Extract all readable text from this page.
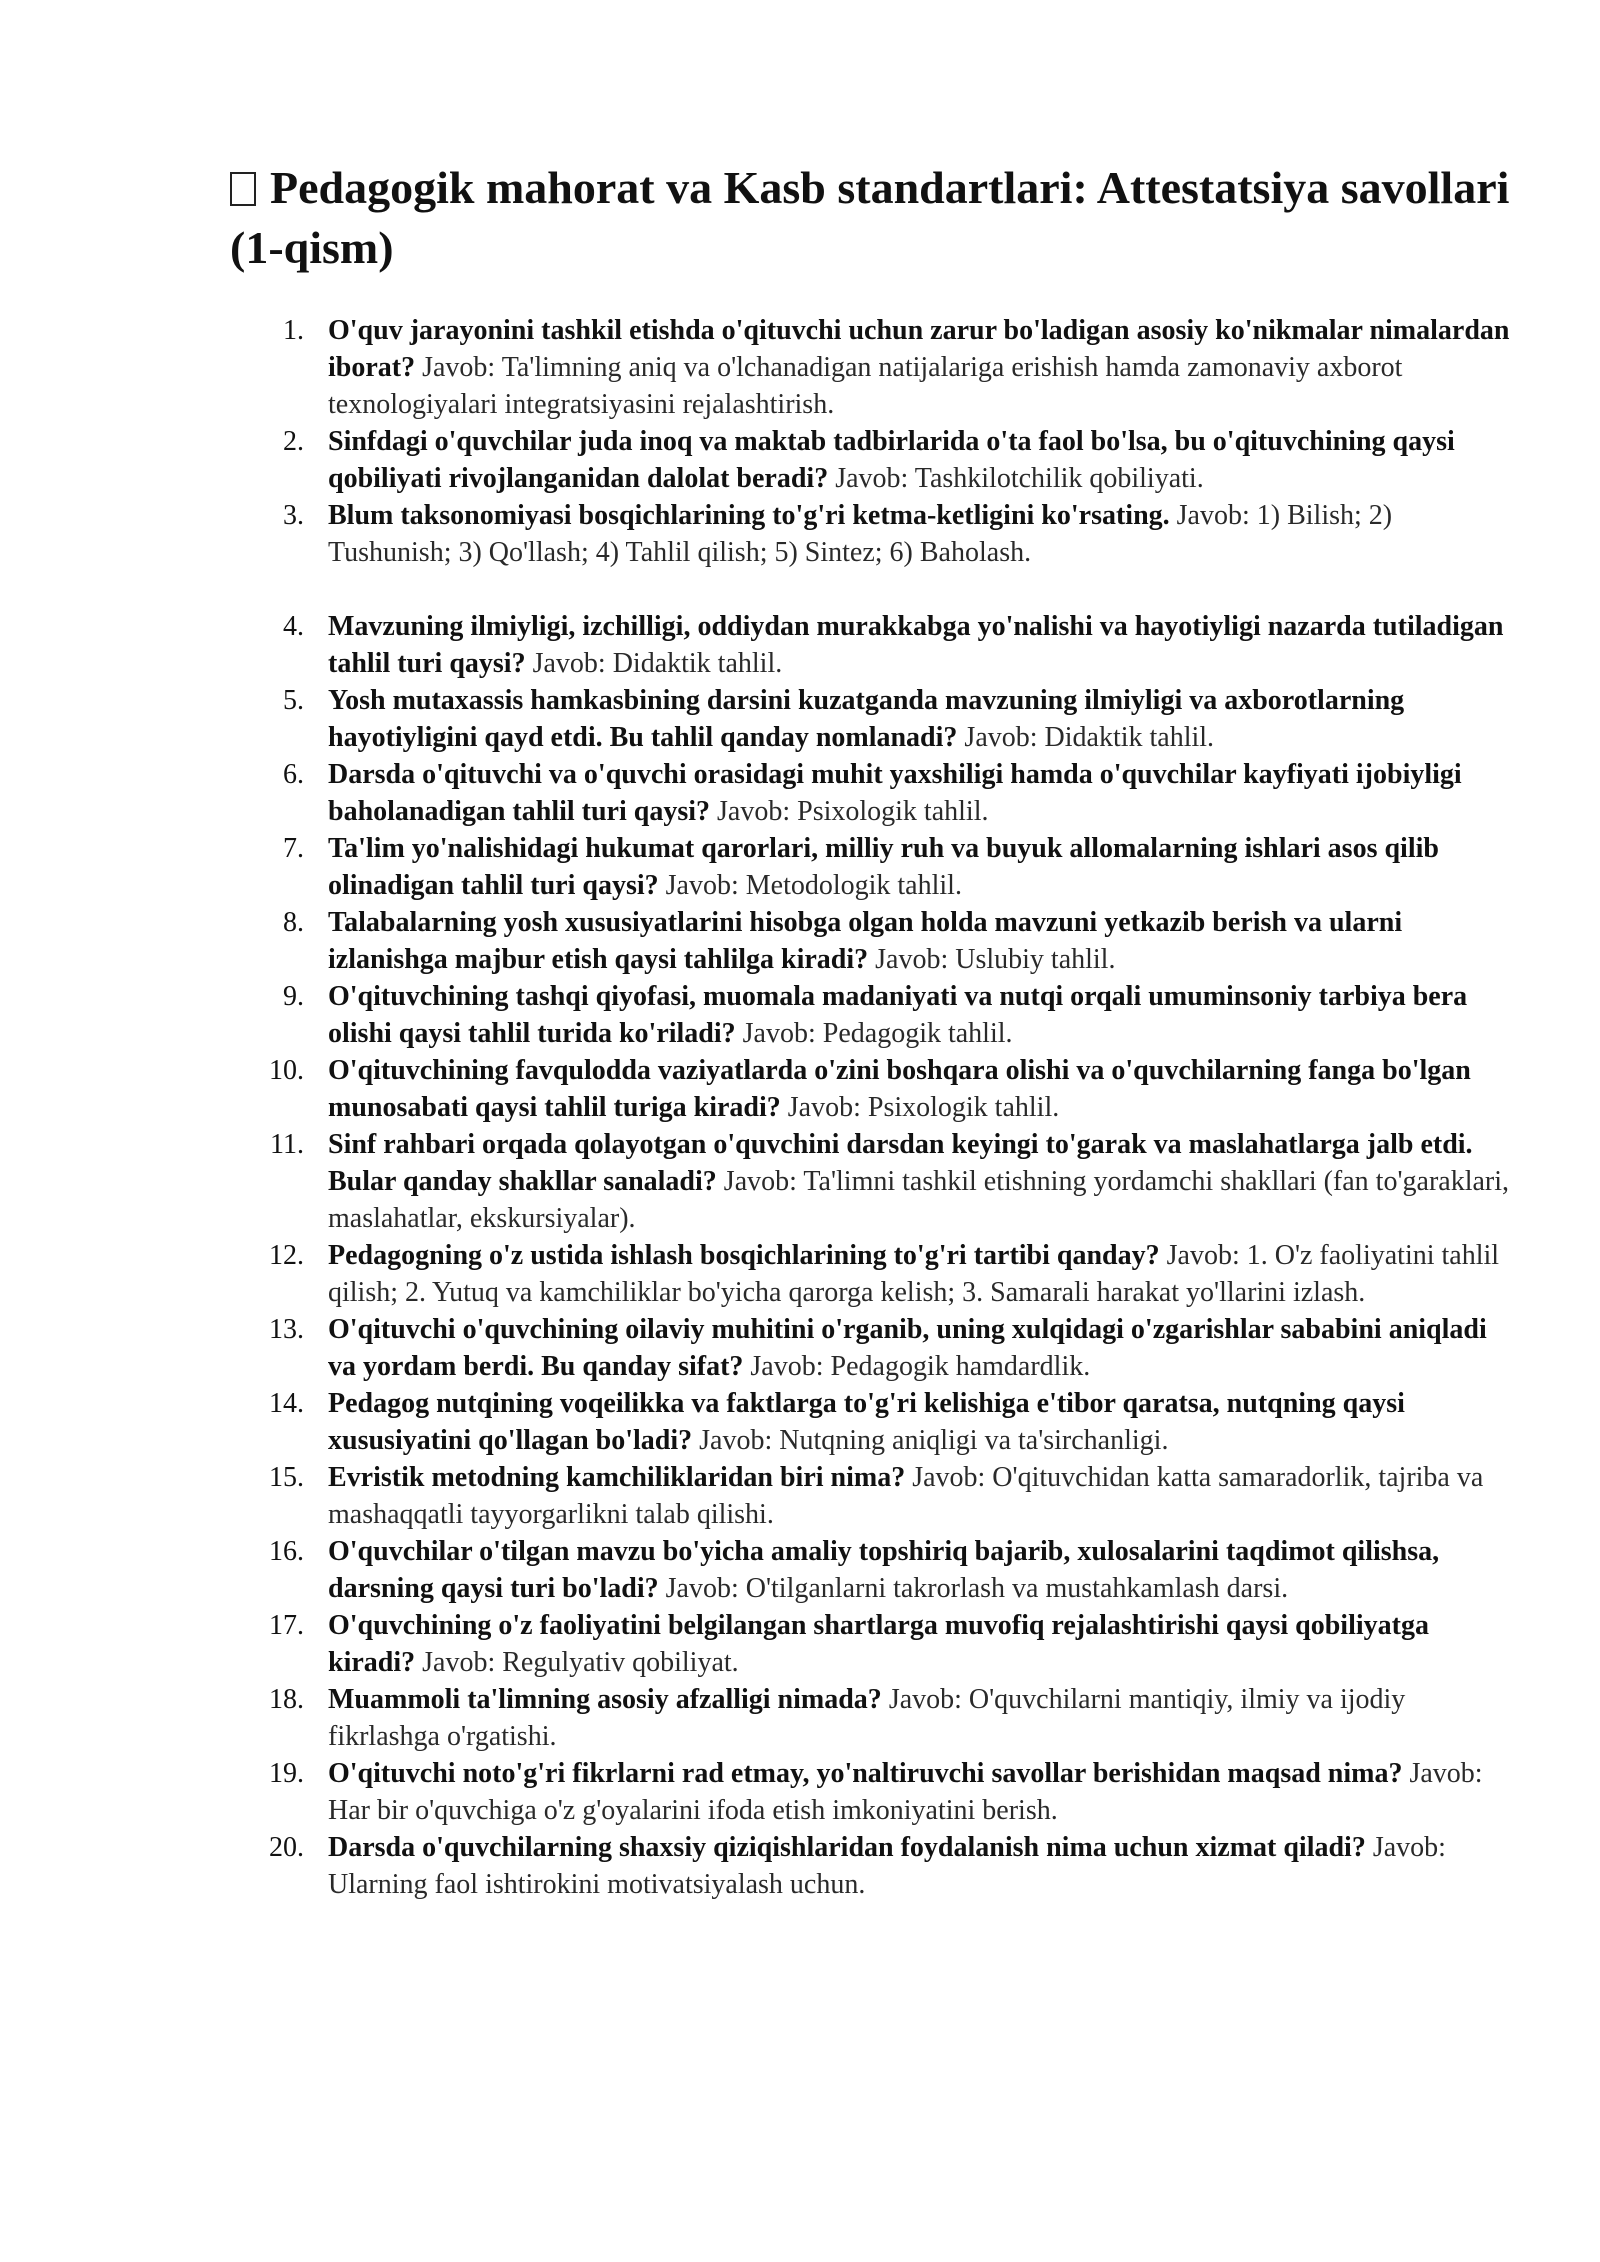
Pedagogik mahorat va Kasb standartlari: Attestatsiya savollari (1-qism)
1. O'quv jarayonini tashkil etishda o'qituvchi uchun zarur bo'ladigan asosiy ko'nikmalar nimalardan iborat? Javob: Ta'limning aniq va o'lchanadigan natijalariga erishish hamda zamonaviy axborot texnologiyalari integratsiyasini rejalashtirish.
2. Sinfdagi o'quvchilar juda inoq va maktab tadbirlarida o'ta faol bo'lsa, bu o'qituvchining qaysi qobiliyati rivojlanganidan dalolat beradi? Javob: Tashkilotchilik qobiliyati.
3. Blum taksonomiyasi bosqichlarining to'g'ri ketma-ketligini ko'rsating. Javob: 1) Bilish; 2) Tushunish; 3) Qo'llash; 4) Tahlil qilish; 5) Sintez; 6) Baholash.
4. Mavzuning ilmiyligi, izchilligi, oddiydan murakkabga yo'nalishi va hayotiyligi nazarda tutiladigan tahlil turi qaysi? Javob: Didaktik tahlil.
5. Yosh mutaxassis hamkasbining darsini kuzatganda mavzuning ilmiyligi va axborotlarning hayotiyligini qayd etdi. Bu tahlil qanday nomlanadi? Javob: Didaktik tahlil.
6. Darsda o'qituvchi va o'quvchi orasidagi muhit yaxshiligi hamda o'quvchilar kayfiyati ijobiyligi baholanadigan tahlil turi qaysi? Javob: Psixologik tahlil.
7. Ta'lim yo'nalishidagi hukumat qarorlari, milliy ruh va buyuk allomalarning ishlari asos qilib olinadigan tahlil turi qaysi? Javob: Metodologik tahlil.
8. Talabalarning yosh xususiyatlarini hisobga olgan holda mavzuni yetkazib berish va ularni izlanishga majbur etish qaysi tahlilga kiradi? Javob: Uslubiy tahlil.
9. O'qituvchining tashqi qiyofasi, muomala madaniyati va nutqi orqali umuminsoniy tarbiya bera olishi qaysi tahlil turida ko'riladi? Javob: Pedagogik tahlil.
10. O'qituvchining favqulodda vaziyatlarda o'zini boshqara olishi va o'quvchilarning fanga bo'lgan munosabati qaysi tahlil turiga kiradi? Javob: Psixologik tahlil.
11. Sinf rahbari orqada qolayotgan o'quvchini darsdan keyingi to'garak va maslahatlarga jalb etdi. Bular qanday shakllar sanaladi? Javob: Ta'limni tashkil etishning yordamchi shakllari (fan to'garaklari, maslahatlar, ekskursiyalar).
12. Pedagogning o'z ustida ishlash bosqichlarining to'g'ri tartibi qanday? Javob: 1. O'z faoliyatini tahlil qilish; 2. Yutuq va kamchiliklar bo'yicha qarorga kelish; 3. Samarali harakat yo'llarini izlash.
13. O'qituvchi o'quvchining oilaviy muhitini o'rganib, uning xulqidagi o'zgarishlar sababini aniqladi va yordam berdi. Bu qanday sifat? Javob: Pedagogik hamdardlik.
14. Pedagog nutqining voqeilikka va faktlarga to'g'ri kelishiga e'tibor qaratsa, nutqning qaysi xususiyatini qo'llagan bo'ladi? Javob: Nutqning aniqligi va ta'sirchanligi.
15. Evristik metodning kamchiliklaridan biri nima? Javob: O'qituvchidan katta samaradorlik, tajriba va mashaqqatli tayyorgarlikni talab qilishi.
16. O'quvchilar o'tilgan mavzu bo'yicha amaliy topshiriq bajarib, xulosalarini taqdimot qilishsa, darsning qaysi turi bo'ladi? Javob: O'tilganlarni takrorlash va mustahkamlash darsi.
17. O'quvchining o'z faoliyatini belgilangan shartlarga muvofiq rejalashtirishi qaysi qobiliyatga kiradi? Javob: Regulyativ qobiliyat.
18. Muammoli ta'limning asosiy afzalligi nimada? Javob: O'quvchilarni mantiqiy, ilmiy va ijodiy fikrlashga o'rgatishi.
19. O'qituvchi noto'g'ri fikrlarni rad etmay, yo'naltiruvchi savollar berishidan maqsad nima? Javob: Har bir o'quvchiga o'z g'oyalarini ifoda etish imkoniyatini berish.
20. Darsda o'quvchilarning shaxsiy qiziqishlaridan foydalanish nima uchun xizmat qiladi? Javob: Ularning faol ishtirokini motivatsiyalash uchun.
